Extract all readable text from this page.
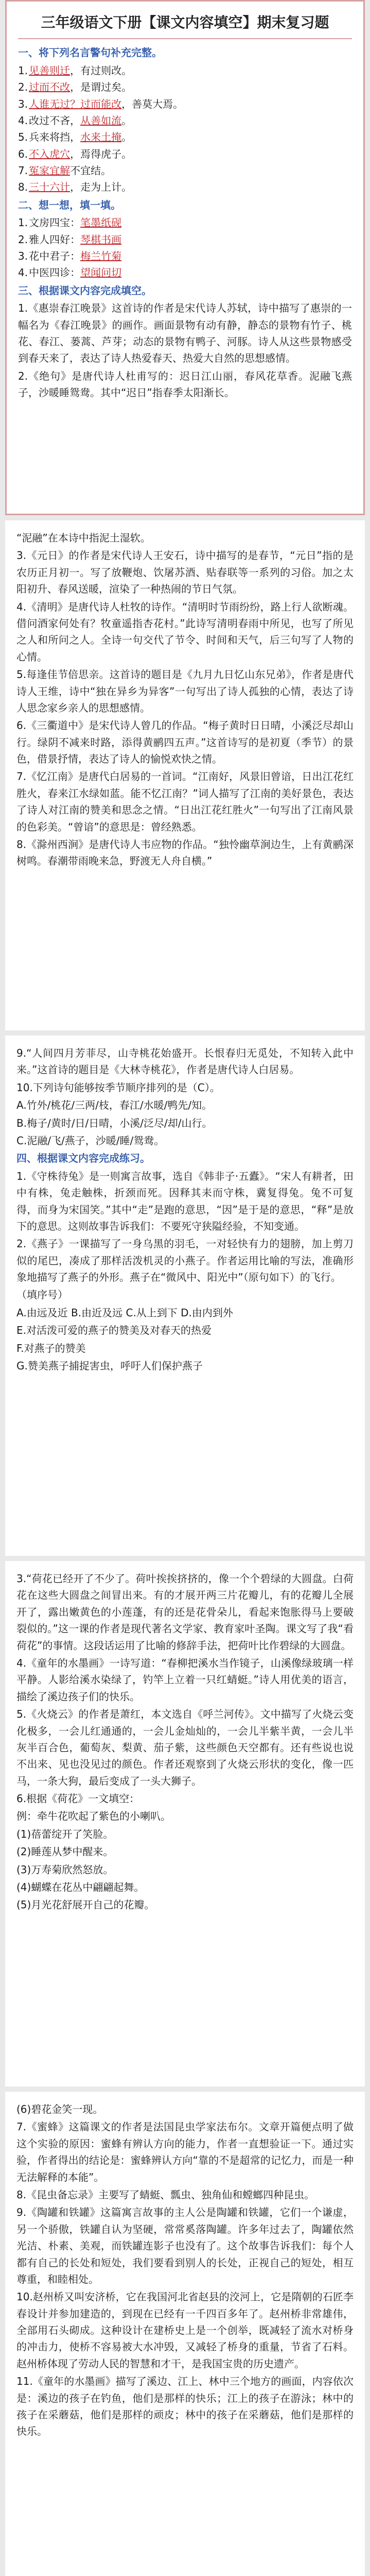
三年级语文下册【课文内容填空】期末复习题
一、将下列名言警句补充完整。

1. 见善则迁，有过则改。

2. 过而不改，是谓过矣。

3. 人谁无过？过而能改，善莫大焉。

4. 改过不吝，从善如流。

5. 兵来将挡，水来土掩。

6. 不入虎穴，焉得虎子。

7. 冤家宜解不宜结。

8. 三十六计，走为上计。

二、想一想，填一填。

1. 文房四宝：笔墨纸砚

2. 雅人四好：琴棋书画

3. 花中君子：梅兰竹菊

4. 中医四诊：望闻问切

三、根据课文内容完成填空。

1.《惠崇春江晚景》这首诗的作者是宋代诗人苏轼，诗中描写了惠崇的一幅名为《春江晚景》的画作。画面景物有动有静，静态的景物有竹子、桃花、春江、蒌蒿、芦芽；动态的景物有鸭子、河豚。诗人从这些景物感受到春天来了，表达了诗人热爱春天、热爱大自然的思想感情。

2.《绝句》是唐代诗人杜甫写的：迟日江山丽，春风花草香。泥融飞燕子，沙暖睡鸳鸯。其中“迟日”指春季太阳渐长。

“泥融”在本诗中指泥土湿软。

3.《元日》的作者是宋代诗人王安石，诗中描写的是春节，“元日”指的是农历正月初一。写了放鞭炮、饮屠苏酒、贴春联等一系列的习俗。加之太阳初升、春风送暖，渲染了一种热闹的节日气氛。

4.《清明》是唐代诗人杜牧的诗作。“清明时节雨纷纷，路上行人欲断魂。借问酒家何处有？牧童遥指杏花村。”此诗写清明春雨中所见，也写了所见之人和所问之人。全诗一句交代了节令、时间和天气，后三句写了人物的心情。

5.每逢佳节倍思亲。这首诗的题目是《九月九日忆山东兄弟》，作者是唐代诗人王维，诗中“独在异乡为异客”一句写出了诗人孤独的心情，表达了诗人思念家乡亲人的思想感情。

6.《三衢道中》是宋代诗人曾几的作品。“梅子黄时日日晴，小溪泛尽却山行。绿阴不减来时路，添得黄鹂四五声。”这首诗写的是初夏（季节）的景色，借景抒情，表达了诗人的愉悦欢快之情。

7.《忆江南》是唐代白居易的一首词。“江南好，风景旧曾谙，日出江花红胜火，春来江水绿如蓝。能不忆江南？”词人描写了江南的美好景色，表达了诗人对江南的赞美和思念之情。“日出江花红胜火”一句写出了江南风景的色彩美。“曾谙”的意思是：曾经熟悉。

8.《滁州西涧》是唐代诗人韦应物的作品。“独怜幽草涧边生，上有黄鹂深树鸣。春潮带雨晚来急，野渡无人舟自横。”

9.“人间四月芳菲尽，山寺桃花始盛开。长恨春归无觅处，不知转入此中来。”这首诗的题目是《大林寺桃花》，作者是唐代诗人白居易。

10.下列诗句能够按季节顺序排列的是（C）。

A.竹外/桃花/三两/枝，春江/水暖/鸭先/知。

B.梅子/黄时/日/日晴，小溪/泛尽/却/山行。

C.泥融/飞/燕子，沙暖/睡/鸳鸯。

四、根据课文内容完成练习。

1.《守株待兔》是一则寓言故事，选自《韩非子·五蠹》。“宋人有耕者，田中有株，兔走触株，折颈而死。因释其耒而守株，冀复得兔。兔不可复得，而身为宋国笑。”其中“走”是跑的意思，“因”是于是的意思，“释”是放下的意思。这则故事告诉我们：不要死守狭隘经验，不知变通。

2.《燕子》一课描写了一身乌黑的羽毛，一对轻快有力的翅膀，加上剪刀似的尾巴，凑成了那样活泼机灵的小燕子。作者运用比喻的写法，准确形象地描写了燕子的外形。燕子在“微风中、阳光中”（原句如下）的飞行。

（填序号）

A.由远及近 B.由近及远 C.从上到下 D.由内到外

E.对活泼可爱的燕子的赞美及对春天的热爱

F.对燕子的赞美

G.赞美燕子捕捉害虫，呼吁人们保护燕子

3.“荷花已经开了不少了。荷叶挨挨挤挤的，像一个个碧绿的大圆盘。白荷花在这些大圆盘之间冒出来。有的才展开两三片花瓣儿，有的花瓣儿全展开了，露出嫩黄色的小莲蓬，有的还是花骨朵儿，看起来饱胀得马上要破裂似的。”这一课的作者是现代著名文学家、教育家叶圣陶。课文写了我“看荷花”的事情。这段话运用了比喻的修辞手法，把荷叶比作碧绿的大圆盘。

4.《童年的水墨画》一诗写道：“春柳把溪水当作镜子，山溪像绿玻璃一样平静。人影给溪水染绿了，钓竿上立着一只红蜻蜓。”诗人用优美的语言，描绘了溪边孩子们的快乐。

5.《火烧云》的作者是萧红，本文选自《呼兰河传》。文中描写了火烧云变化极多，一会儿红通通的，一会儿金灿灿的，一会儿半紫半黄，一会儿半灰半百合色，葡萄灰、梨黄、茄子紫，这些颜色天空都有。还有些说也说不出来、见也没见过的颜色。作者还观察到了火烧云形状的变化，像一匹马，一条大狗，最后变成了一头大狮子。

6.根据《荷花》一文填空：

例：牵牛花吹起了紫色的小喇叭。

(1)蓓蕾绽开了笑脸。

(2)睡莲从梦中醒来。

(3)万寿菊欣然怒放。

(4)蝴蝶在花丛中翩翩起舞。

(5)月光花舒展开自己的花瓣。

(6)碧花金笑一现。

7.《蜜蜂》这篇课文的作者是法国昆虫学家法布尔。文章开篇便点明了做这个实验的原因：蜜蜂有辨认方向的能力，作者一直想验证一下。通过实验，作者得出的结论是：蜜蜂辨认方向“靠的不是超常的记忆力，而是一种无法解释的本能”。

8.《昆虫备忘录》主要写了蜻蜓、瓢虫、独角仙和螳螂四种昆虫。

9.《陶罐和铁罐》这篇寓言故事的主人公是陶罐和铁罐，它们一个谦虚，另一个骄傲，铁罐自认为坚硬，常常奚落陶罐。许多年过去了，陶罐依然光洁、朴素、美观，而铁罐连影子也没有了。这个故事告诉我们：每个人都有自己的长处和短处，我们要看到别人的长处，正视自己的短处，相互尊重，和睦相处。

10.赵州桥又叫安济桥，它在我国河北省赵县的洨河上，它是隋朝的石匠李春设计并参加建造的，到现在已经有一千四百多年了。赵州桥非常雄伟，全部用石头砌成。这种设计在建桥史上是一个创举，既减轻了流水对桥身的冲击力，使桥不容易被大水冲毁，又减轻了桥身的重量，节省了石料。赵州桥体现了劳动人民的智慧和才干，是我国宝贵的历史遗产。

11.《童年的水墨画》描写了溪边、江上、林中三个地方的画面，内容依次是：溪边的孩子在钓鱼，他们是那样的快乐；江上的孩子在游泳；林中的孩子在采蘑菇，他们是那样的顽皮；林中的孩子在采蘑菇，他们是那样的快乐。
